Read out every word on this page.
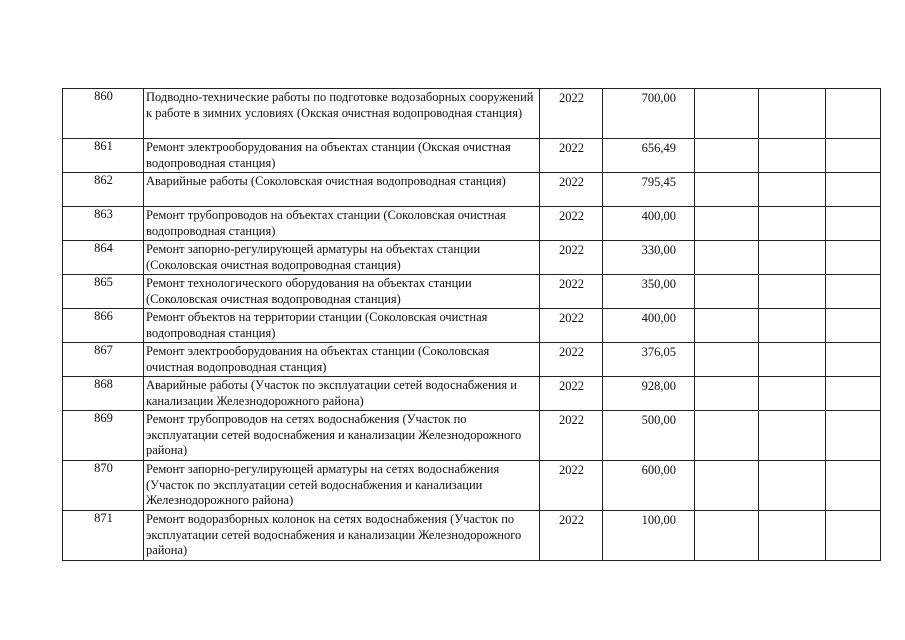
860	Подводно-технические работы по подготовке водозаборных сооружений к работе в зимних условиях (Окская очистная водопроводная станция)	2022	700,00			
861	Ремонт электрооборудования на объектах станции (Окская очистная водопроводная станция)	2022	656,49			
862	Аварийные работы (Соколовская очистная водопроводная станция)	2022	795,45			
863	Ремонт трубопроводов на объектах станции (Соколовская очистная водопроводная станция)	2022	400,00			
864	Ремонт запорно-регулирующей арматуры на объектах станции (Соколовская очистная водопроводная станция)	2022	330,00			
865	Ремонт технологического оборудования на объектах станции (Соколовская очистная водопроводная станция)	2022	350,00			
866	Ремонт объектов на территории станции (Соколовская очистная водопроводная станция)	2022	400,00			
867	Ремонт электрооборудования на объектах станции (Соколовская очистная водопроводная станция)	2022	376,05			
868	Аварийные работы (Участок по эксплуатации сетей водоснабжения и канализации Железнодорожного района)	2022	928,00			
869	Ремонт трубопроводов на сетях водоснабжения (Участок по эксплуатации сетей водоснабжения и канализации Железнодорожного района)	2022	500,00			
870	Ремонт запорно-регулирующей арматуры на сетях водоснабжения (Участок по эксплуатации сетей водоснабжения и канализации Железнодорожного района)	2022	600,00			
871	Ремонт водоразборных колонок на сетях водоснабжения (Участок по эксплуатации сетей водоснабжения и канализации Железнодорожного района)	2022	100,00			
